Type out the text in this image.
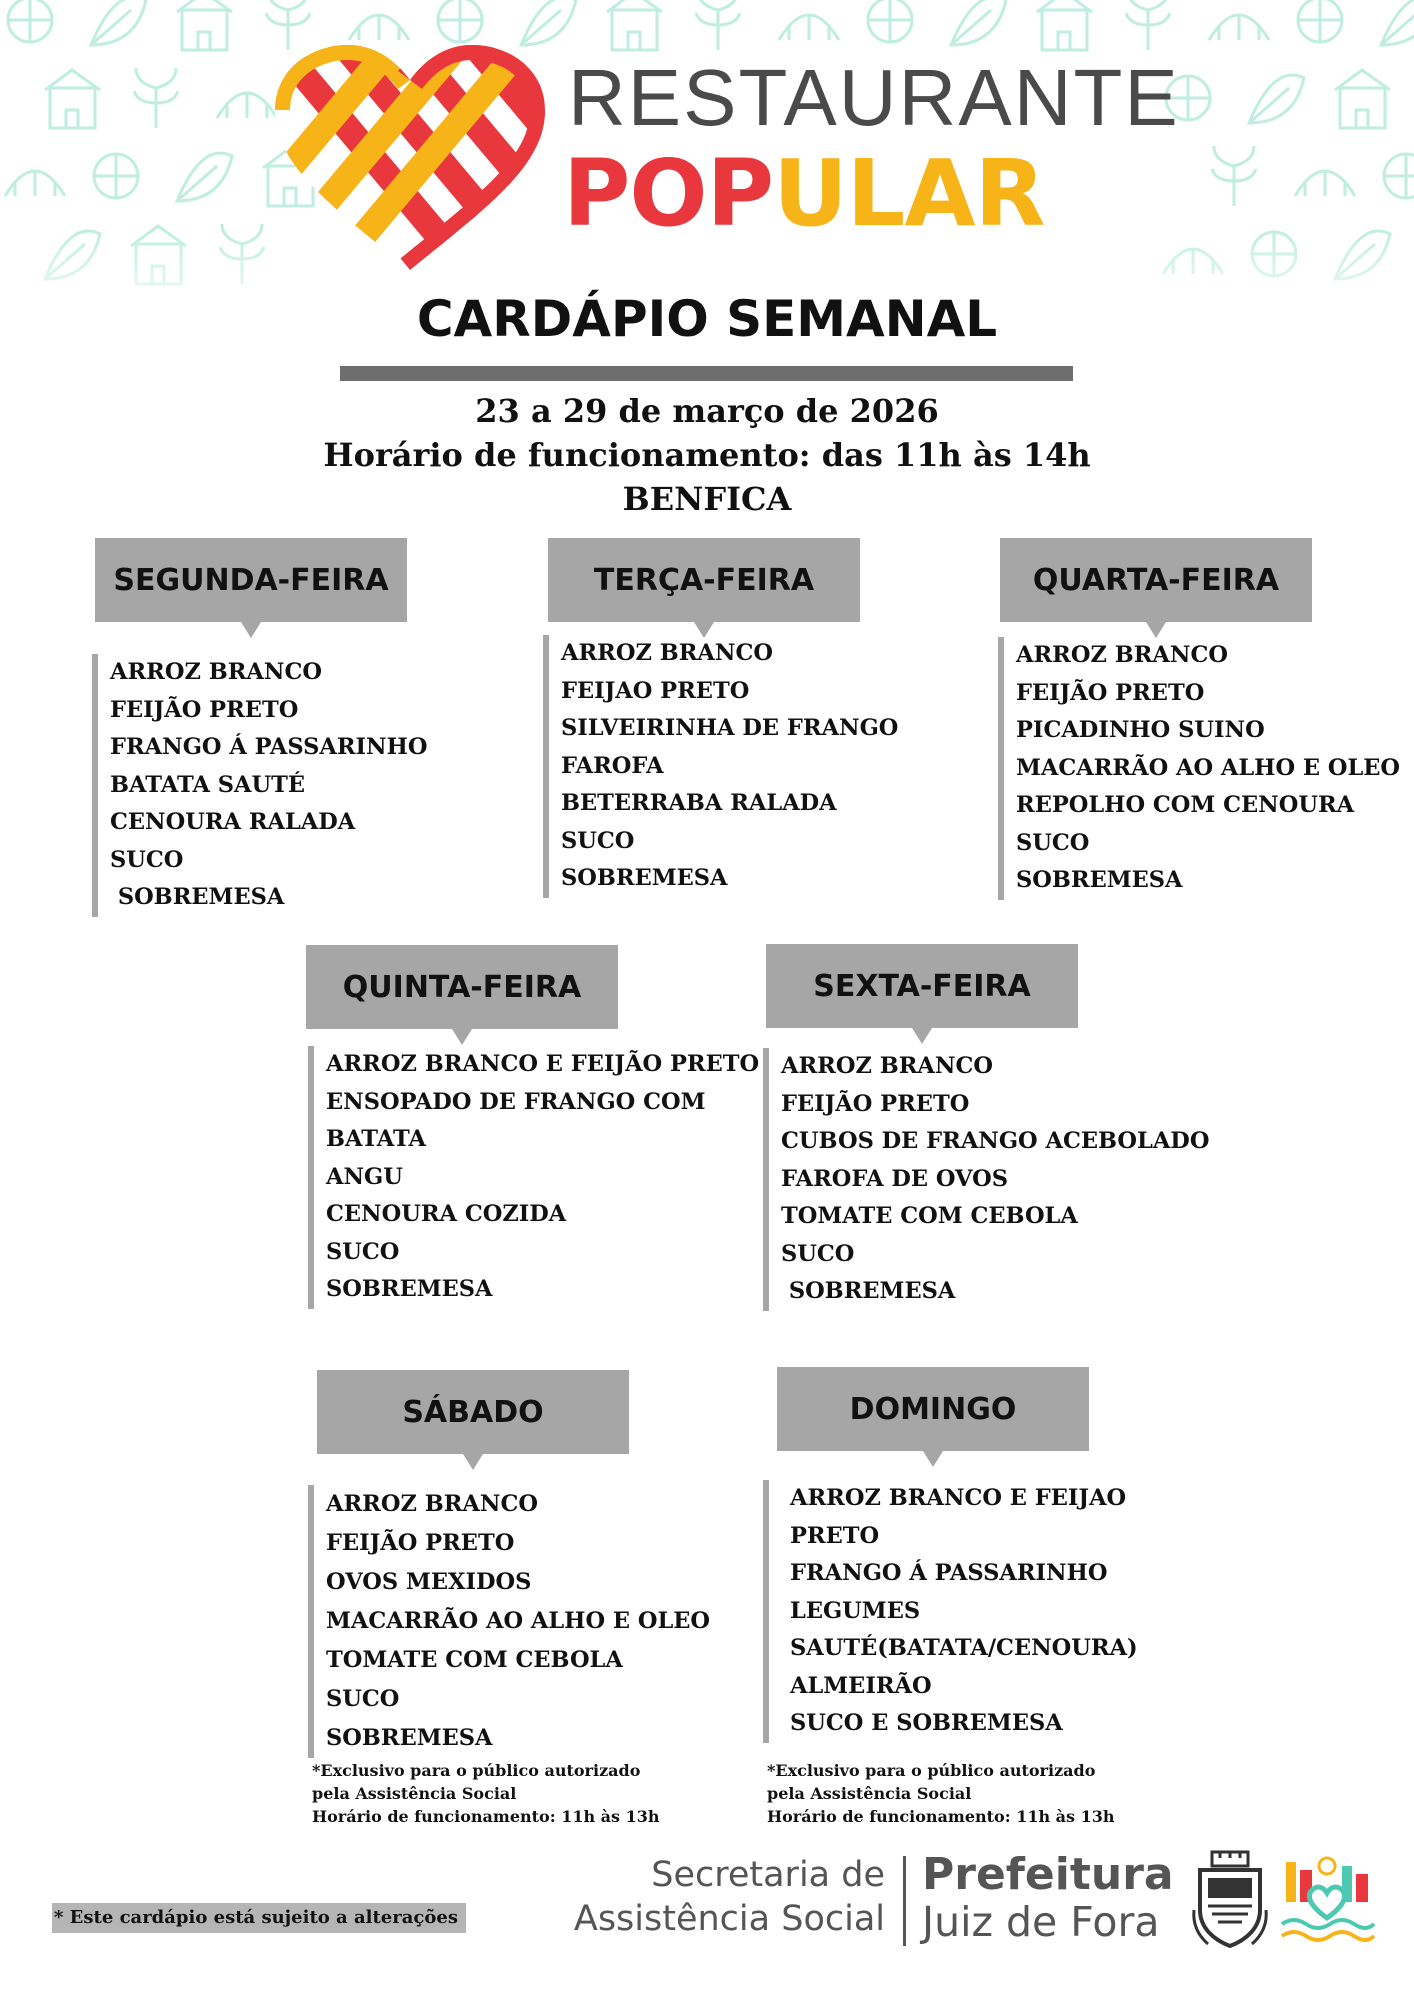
RESTAURANTE
POPULAR
CARDÁPIO SEMANAL
23 a 29 de março de 2026
Horário de funcionamento: das 11h às 14h
BENFICA
SEGUNDA-FEIRA	TERÇA-FEIRA	QUARTA-FEIRA
QUINTA-FEIRA	SEXTA-FEIRA
SÁBADO	DOMINGO
ARROZ BRANCO
FEIJÃO PRETO
FRANGO Á PASSARINHO
BATATA SAUTÉ
CENOURA RALADA
SUCO
SOBREMESA
ARROZ BRANCO
FEIJAO PRETO
SILVEIRINHA DE FRANGO
FAROFA
BETERRABA RALADA
SUCO
SOBREMESA
ARROZ BRANCO
FEIJÃO PRETO
PICADINHO SUINO
MACARRÃO AO ALHO E OLEO
REPOLHO COM CENOURA
SUCO
SOBREMESA
ARROZ BRANCO E FEIJÃO PRETO
ENSOPADO DE FRANGO COM
BATATA
ANGU
CENOURA COZIDA
SUCO
SOBREMESA
ARROZ BRANCO
FEIJÃO PRETO
CUBOS DE FRANGO ACEBOLADO
FAROFA DE OVOS
TOMATE COM CEBOLA
SUCO
SOBREMESA
ARROZ BRANCO
FEIJÃO PRETO
OVOS MEXIDOS
MACARRÃO AO ALHO E OLEO
TOMATE COM CEBOLA
SUCO
SOBREMESA
ARROZ BRANCO E FEIJAO
PRETO
FRANGO Á PASSARINHO
LEGUMES
SAUTÉ(BATATA/CENOURA)
ALMEIRÃO
SUCO E SOBREMESA
*Exclusivo para o público autorizado
pela Assistência Social
Horário de funcionamento: 11h às 13h
*Exclusivo para o público autorizado
pela Assistência Social
Horário de funcionamento: 11h às 13h
* Este cardápio está sujeito a alterações
Secretaria de
Assistência Social
Prefeitura
Juiz de Fora
